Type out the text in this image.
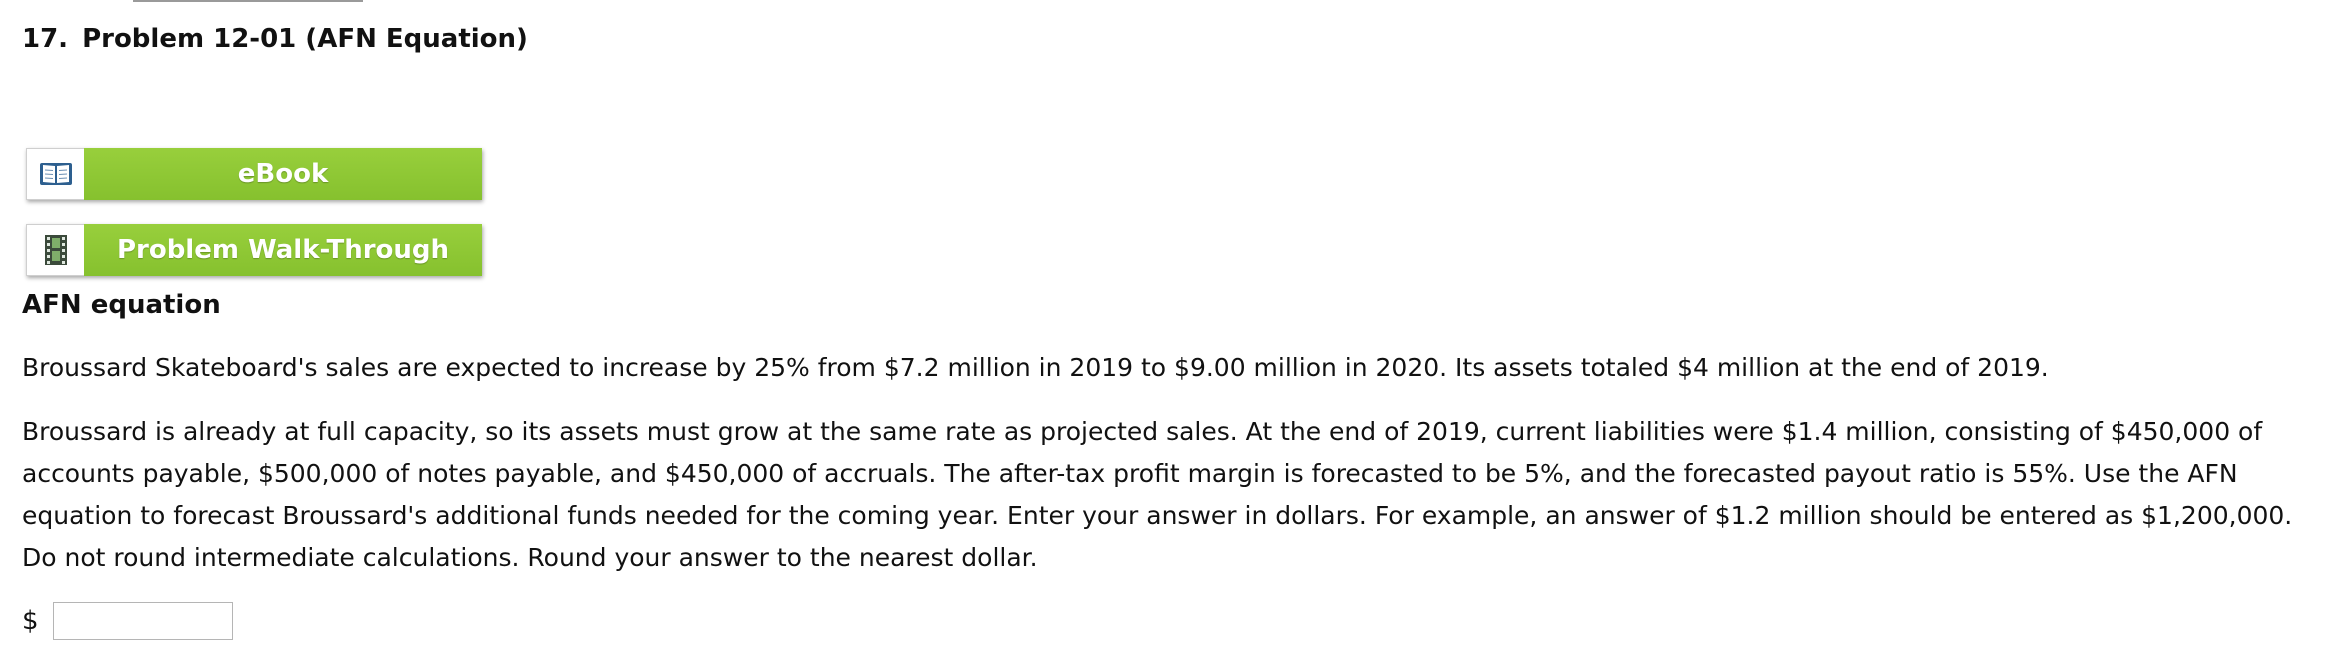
17. Problem 12-01 (AFN Equation)
eBook
Problem Walk-Through
AFN equation

Broussard Skateboard's sales are expected to increase by 25% from $7.2 million in 2019 to $9.00 million in 2020. Its assets totaled $4 million at the end of 2019.

Broussard is already at full capacity, so its assets must grow at the same rate as projected sales. At the end of 2019, current liabilities were $1.4 million, consisting of $450,000 of accounts payable, $500,000 of notes payable, and $450,000 of accruals. The after-tax profit margin is forecasted to be 5%, and the forecasted payout ratio is 55%. Use the AFN equation to forecast Broussard's additional funds needed for the coming year. Enter your answer in dollars. For example, an answer of $1.2 million should be entered as $1,200,000. Do not round intermediate calculations. Round your answer to the nearest dollar.

$
